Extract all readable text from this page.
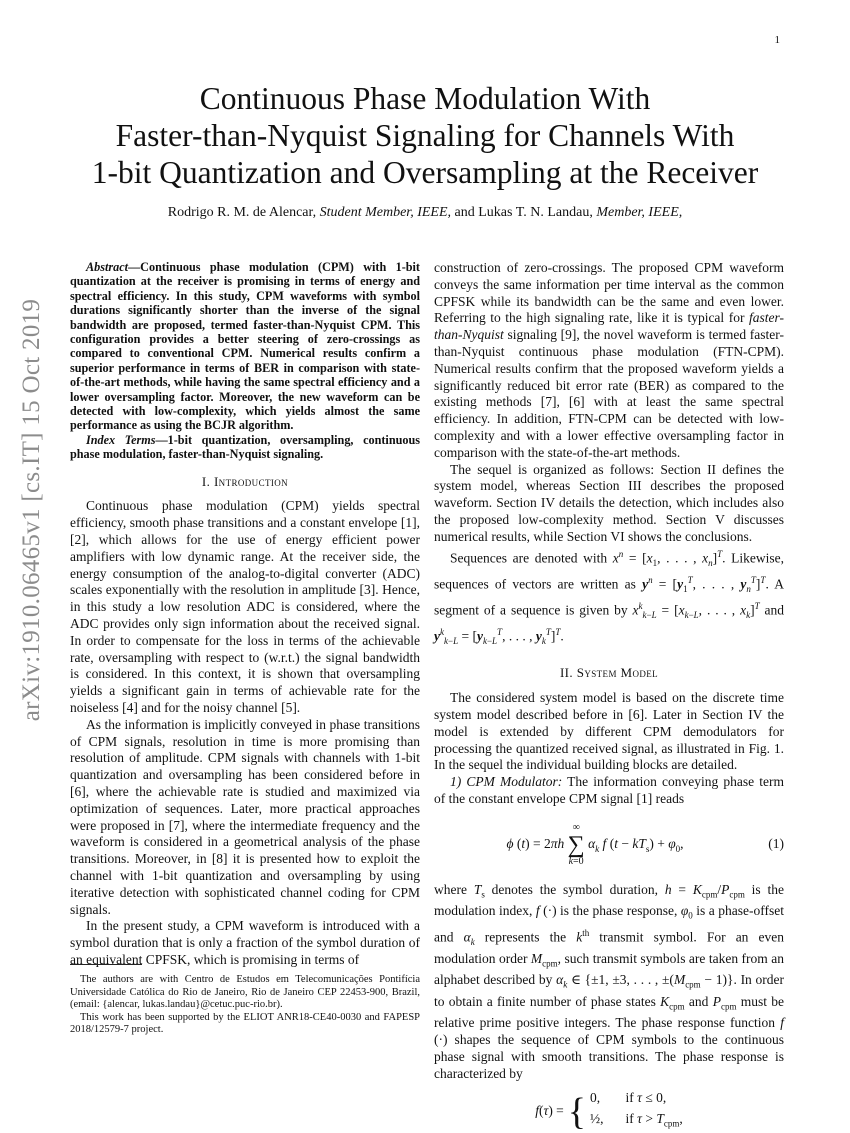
1
arXiv:1910.06465v1 [cs.IT] 15 Oct 2019
Continuous Phase Modulation With
Faster-than-Nyquist Signaling for Channels With
1-bit Quantization and Oversampling at the Receiver
Rodrigo R. M. de Alencar, Student Member, IEEE, and Lukas T. N. Landau, Member, IEEE,

Abstract—Continuous phase modulation (CPM) with 1-bit quantization at the receiver is promising in terms of energy and spectral efficiency. In this study, CPM waveforms with symbol durations significantly shorter than the inverse of the signal bandwidth are proposed, termed faster-than-Nyquist CPM. This configuration provides a better steering of zero-crossings as compared to conventional CPM. Numerical results confirm a superior performance in terms of BER in comparison with state-of-the-art methods, while having the same spectral efficiency and a lower oversampling factor. Moreover, the new waveform can be detected with low-complexity, which yields almost the same performance as using the BCJR algorithm.

Index Terms—1-bit quantization, oversampling, continuous phase modulation, faster-than-Nyquist signaling.

I. Introduction

Continuous phase modulation (CPM) yields spectral efficiency, smooth phase transitions and a constant envelope [1], [2], which allows for the use of energy efficient power amplifiers with low dynamic range. At the receiver side, the energy consumption of the analog-to-digital converter (ADC) scales exponentially with the resolution in amplitude [3]. Hence, in this study a low resolution ADC is considered, where the ADC provides only sign information about the received signal. In order to compensate for the loss in terms of the achievable rate, oversampling with respect to (w.r.t.) the signal bandwidth is considered. In this context, it is shown that oversampling yields a significant gain in terms of achievable rate for the noiseless [4] and for the noisy channel [5].

As the information is implicitly conveyed in phase transitions of CPM signals, resolution in time is more promising than resolution of amplitude. CPM signals with channels with 1-bit quantization and oversampling has been considered before in [6], where the achievable rate is studied and maximized via optimization of sequences. Later, more practical approaches were proposed in [7], where the intermediate frequency and the waveform is considered in a geometrical analysis of the phase transitions. Moreover, in [8] it is presented how to exploit the channel with 1-bit quantization and oversampling by using iterative detection with sophisticated channel coding for CPM signals.

In the present study, a CPM waveform is introduced with a symbol duration that is only a fraction of the symbol duration of an equivalent CPFSK, which is promising in terms of

The authors are with Centro de Estudos em Telecomunicações Pontifícia Universidade Católica do Rio de Janeiro, Rio de Janeiro CEP 22453-900, Brazil, (email: {alencar, lukas.landau}@cetuc.puc-rio.br).

This work has been supported by the ELIOT ANR18-CE40-0030 and FAPESP 2018/12579-7 project.

construction of zero-crossings. The proposed CPM waveform conveys the same information per time interval as the common CPFSK while its bandwidth can be the same and even lower. Referring to the high signaling rate, like it is typical for faster-than-Nyquist signaling [9], the novel waveform is termed faster-than-Nyquist continuous phase modulation (FTN-CPM). Numerical results confirm that the proposed waveform yields a significantly reduced bit error rate (BER) as compared to the existing methods [7], [6] with at least the same spectral efficiency. In addition, FTN-CPM can be detected with low-complexity and with a lower effective oversampling factor in comparison with the state-of-the-art methods.

The sequel is organized as follows: Section II defines the system model, whereas Section III describes the proposed waveform. Section IV details the detection, which includes also the proposed low-complexity method. Section V discusses numerical results, while Section VI shows the conclusions.

Sequences are denoted with $x^n = [x_1$, . . . , $x_n]^T$. Likewise, sequences of vectors are written as $y^n = [y_1^T$, . . . , $y_n^T]^T$. A segment of a sequence is given by $x^k_{k-L} = [x_{k-L}$, . . . , $x_k]^T$ and $y^k_{k-L} = [y_{k-L}^T$, . . . , $y_k^T]^T$.

II. System Model

The considered system model is based on the discrete time system model described before in [6]. Later in Section IV the model is extended by different CPM demodulators for processing the quantized received signal, as illustrated in Fig. 1. In the sequel the individual building blocks are detailed.

1) CPM Modulator: The information conveying phase term of the constant envelope CPM signal [1] reads

ϕ (t) = 2πh
∞
∑
k=0
$\alpha_k$ f $(t - kT_s) + \varphi_0$,	(1)

where $T_s$ denotes the symbol duration, $h = K_{cpm}/P_{cpm}$ is the modulation index, f (·) is the phase response, $\varphi_0$ is a phase-offset and $\alpha_k$ represents the $k^{th}$ transmit symbol. For an even modulation order $M_{cpm}$, such transmit symbols are taken from an alphabet described by $\alpha_k$ ∈ {±1, ±3, . . . , $\pm(M_{cpm} - 1)$}. In order to obtain a finite number of phase states $K_{cpm}$ and $P_{cpm}$ must be relative prime positive integers. The phase response function f (·) shapes the sequence of CPM symbols to the continuous phase signal with smooth transitions. The phase response is characterized by

f(τ) = { 0, if τ ≤ 0,
½, if $\tau > T_{cpm}$,
